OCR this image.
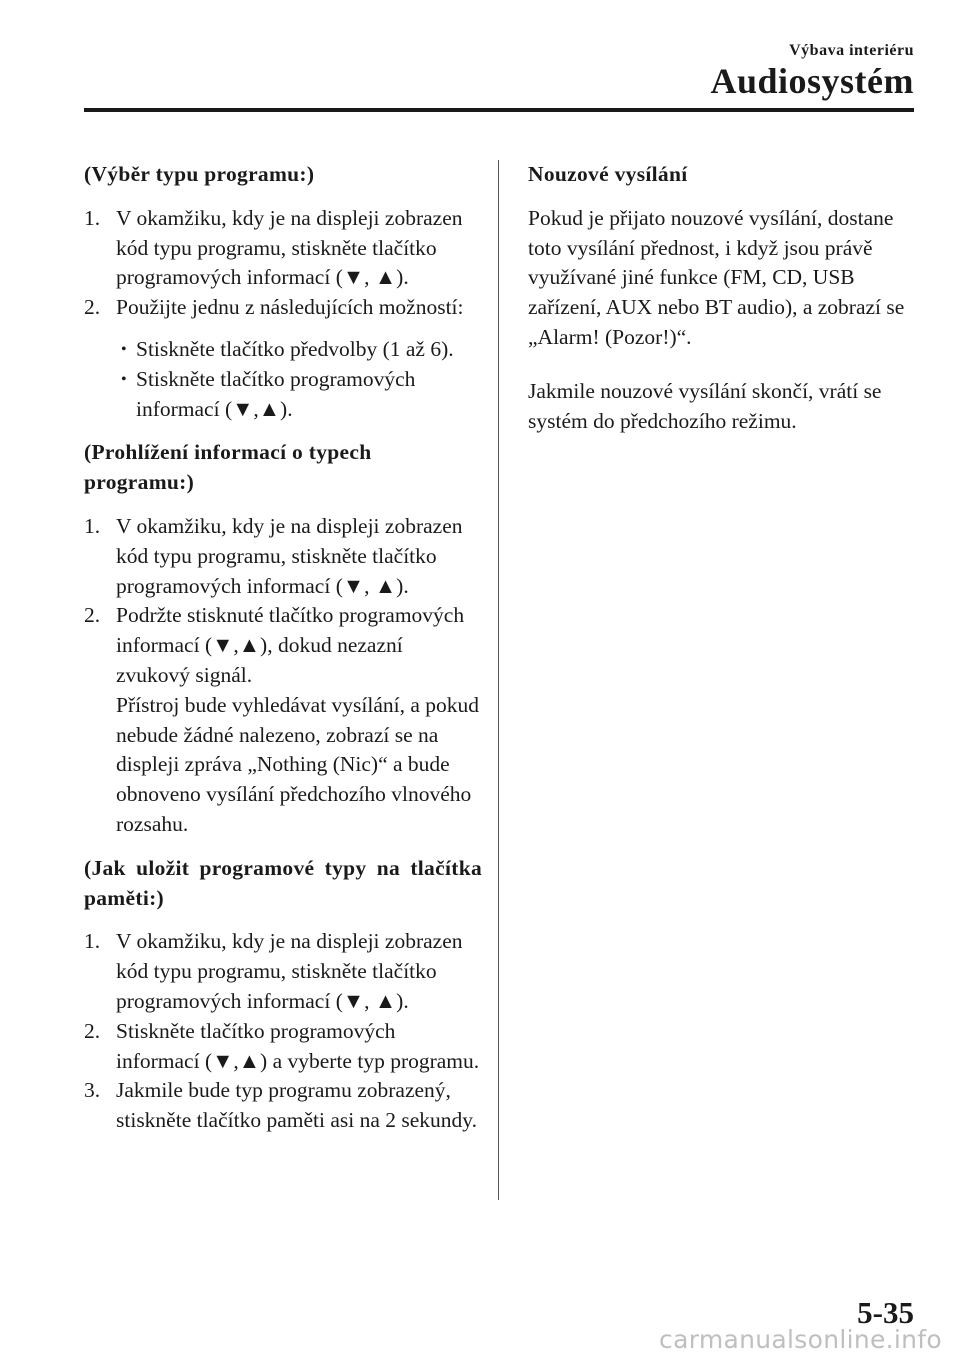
Výbava interiéru
Audiosystém

(Výběr typu programu:)

1. V okamžiku, kdy je na displeji zobrazen kód typu programu, stiskněte tlačítko programových informací (▼, ▲).
2. Použijte jednu z následujících možností:
• Stiskněte tlačítko předvolby (1 až 6).
• Stiskněte tlačítko programových informací (▼,▲).

(Prohlížení informací o typech
programu:)

1. V okamžiku, kdy je na displeji zobrazen kód typu programu, stiskněte tlačítko programových informací (▼, ▲).
2. Podržte stisknuté tlačítko programových informací (▼,▲), dokud nezazní zvukový signál.
Přístroj bude vyhledávat vysílání, a pokud nebude žádné nalezeno, zobrazí se na displeji zpráva „Nothing (Nic)“ a bude obnoveno vysílání předchozího vlnového rozsahu.

(Jak uložit programové typy na tlačítka
paměti:)

1. V okamžiku, kdy je na displeji zobrazen kód typu programu, stiskněte tlačítko programových informací (▼, ▲).
2. Stiskněte tlačítko programových informací (▼,▲) a vyberte typ programu.
3. Jakmile bude typ programu zobrazený, stiskněte tlačítko paměti asi na 2 sekundy.

Nouzové vysílání

Pokud je přijato nouzové vysílání, dostane toto vysílání přednost, i když jsou právě využívané jiné funkce (FM, CD, USB zařízení, AUX nebo BT audio), a zobrazí se „Alarm! (Pozor!)“.

Jakmile nouzové vysílání skončí, vrátí se systém do předchozího režimu.

5-35
carmanualsonline.info
